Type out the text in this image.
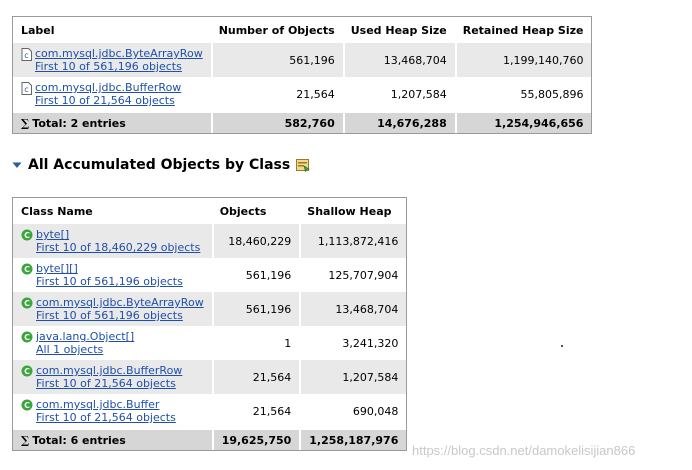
Label	Number of Objects	Used Heap Size	Retained Heap Size

c com.mysql.jdbc.ByteArrayRow
First 10 of 561,196 objects	561,196	13,468,704	1,199,140,760

c com.mysql.jdbc.BufferRow
First 10 of 21,564 objects	21,564	1,207,584	55,805,896
∑ Total: 2 entries	582,760	14,676,288	1,254,946,656
All Accumulated Objects by Class
Class Name	Objects	Shallow Heap

C byte[]
First 10 of 18,460,229 objects	18,460,229	1,113,872,416

C byte[][]
First 10 of 561,196 objects	561,196	125,707,904

C com.mysql.jdbc.ByteArrayRow
First 10 of 561,196 objects	561,196	13,468,704

C java.lang.Object[]
All 1 objects	1	3,241,320

C com.mysql.jdbc.BufferRow
First 10 of 21,564 objects	21,564	1,207,584

C com.mysql.jdbc.Buffer
First 10 of 21,564 objects	21,564	690,048
∑ Total: 6 entries	19,625,750	1,258,187,976
https://blog.csdn.net/damokelisijian866
